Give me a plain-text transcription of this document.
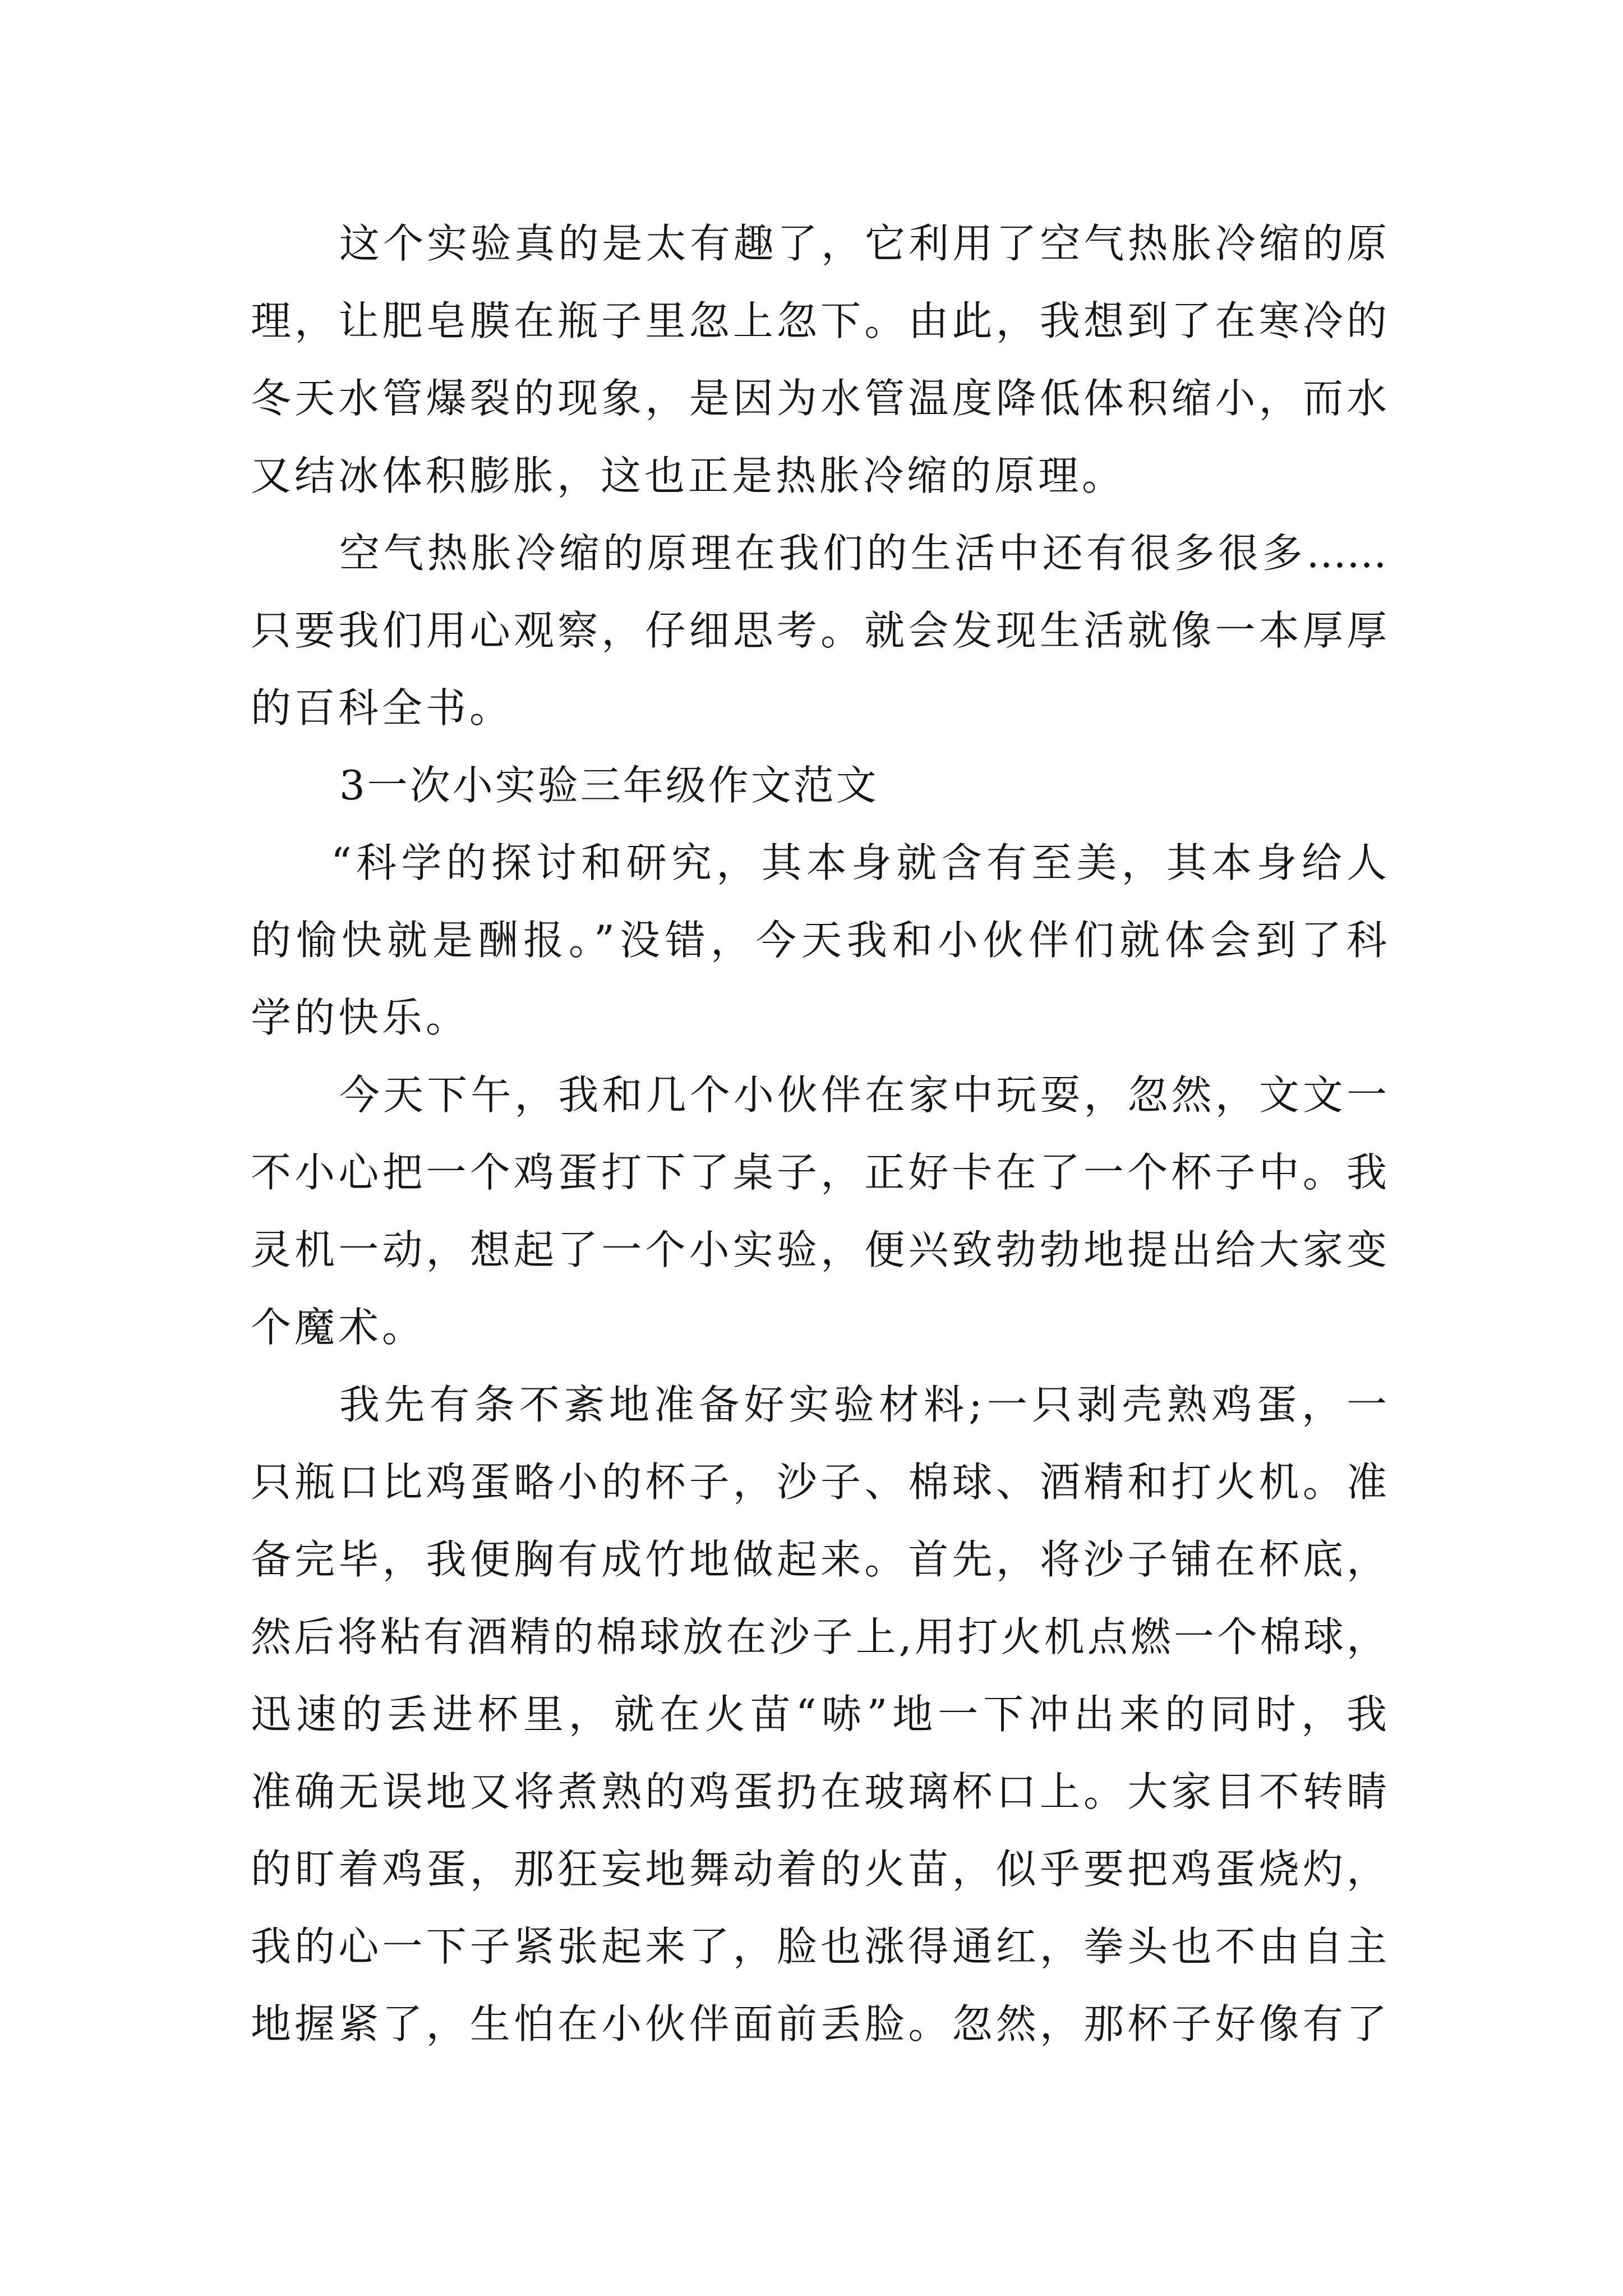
这个实验真的是太有趣了，它利用了空气热胀冷缩的原
理，让肥皂膜在瓶子里忽上忽下。由此，我想到了在寒冷的
冬天水管爆裂的现象，是因为水管温度降低体积缩小，而水
又结冰体积膨胀，这也正是热胀冷缩的原理。
空气热胀冷缩的原理在我们的生活中还有很多很多……
只要我们用心观察，仔细思考。就会发现生活就像一本厚厚
的百科全书。
3一次小实验三年级作文范文
“科学的探讨和研究，其本身就含有至美，其本身给人
的愉快就是酬报。”没错，今天我和小伙伴们就体会到了科
学的快乐。
今天下午，我和几个小伙伴在家中玩耍，忽然，文文一
不小心把一个鸡蛋打下了桌子，正好卡在了一个杯子中。我
灵机一动，想起了一个小实验，便兴致勃勃地提出给大家变
个魔术。
我先有条不紊地准备好实验材料;一只剥壳熟鸡蛋，一
只瓶口比鸡蛋略小的杯子，沙子、棉球、酒精和打火机。准
备完毕，我便胸有成竹地做起来。首先，将沙子铺在杯底，
然后将粘有酒精的棉球放在沙子上,用打火机点燃一个棉球，
迅速的丢进杯里，就在火苗“哧”地一下冲出来的同时，我
准确无误地又将煮熟的鸡蛋扔在玻璃杯口上。大家目不转睛
的盯着鸡蛋，那狂妄地舞动着的火苗，似乎要把鸡蛋烧灼，
我的心一下子紧张起来了，脸也涨得通红，拳头也不由自主
地握紧了，生怕在小伙伴面前丢脸。忽然，那杯子好像有了
